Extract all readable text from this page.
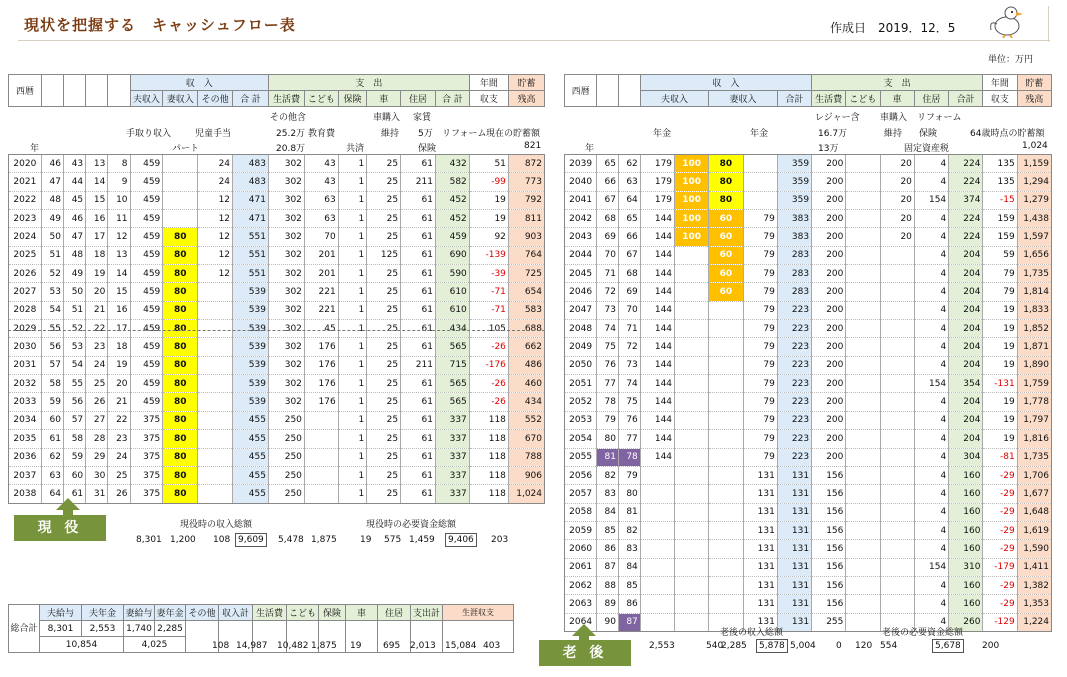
現状を把握する　キャッシュフロー表	作成日　2019．12．5
単位：万円
西暦					収　入				支　出						年間	貯蓄
					夫収入	妻収入	その他	合 計	生活費	こども	保険	車	住居	合 計	収支	残高
その他含	車購入 家賃
手取り収入	児童手当	25.2万 教育費	維持 5万 リフォーム 現在の貯蓄額
年	パート	20.8万	共済	保険	821
2020	46	43	13	8	459		24	483	302	43	1	25	61	432	51	872
2021	47	44	14	9	459		24	483	302	43	1	25	211	582	-99	773
2022	48	45	15	10	459		12	471	302	63	1	25	61	452	19	792
2023	49	46	16	11	459		12	471	302	63	1	25	61	452	19	811
2024	50	47	17	12	459	80	12	551	302	70	1	25	61	459	92	903
2025	51	48	18	13	459	80	12	551	302	201	1	125	61	690	-139	764
2026	52	49	19	14	459	80	12	551	302	201	1	25	61	590	-39	725
2027	53	50	20	15	459	80		539	302	221	1	25	61	610	-71	654
2028	54	51	21	16	459	80		539	302	221	1	25	61	610	-71	583
2029	55	52	22	17	459	80		539	302	45	1	25	61	434	105	688
2030	56	53	23	18	459	80		539	302	176	1	25	61	565	-26	662
2031	57	54	24	19	459	80		539	302	176	1	25	211	715	-176	486
2032	58	55	25	20	459	80		539	302	176	1	25	61	565	-26	460
2033	59	56	26	21	459	80		539	302	176	1	25	61	565	-26	434
2034	60	57	27	22	375	80		455	250		1	25	61	337	118	552
2035	61	58	28	23	375	80		455	250		1	25	61	337	118	670
2036	62	59	29	24	375	80		455	250		1	25	61	337	118	788
2037	63	60	30	25	375	80		455	250		1	25	61	337	118	906
2038	64	61	31	26	375	80		455	250		1	25	61	337	118	1,024
西暦			収　入			支　出					年間	貯蓄
			夫収入	妻収入	合計	生活費	こども	車	住居	合計	収支	残高
レジャー含 車購入 リフォーム
年金	年金	16.7万	維持 保険	64歳時点の貯蓄額
年	13万	固定資産税	1,024
2039	65	62	179	100	80		359	200		20	4	224	135	1,159
2040	66	63	179	100	80		359	200		20	4	224	135	1,294
2041	67	64	179	100	80		359	200		20	154	374	-15	1,279
2042	68	65	144	100	60	79	383	200		20	4	224	159	1,438
2043	69	66	144	100	60	79	383	200		20	4	224	159	1,597
2044	70	67	144		60	79	283	200			4	204	59	1,656
2045	71	68	144		60	79	283	200			4	204	79	1,735
2046	72	69	144		60	79	283	200			4	204	79	1,814
2047	73	70	144			79	223	200			4	204	19	1,833
2048	74	71	144			79	223	200			4	204	19	1,852
2049	75	72	144			79	223	200			4	204	19	1,871
2050	76	73	144			79	223	200			4	204	19	1,890
2051	77	74	144			79	223	200			154	354	-131	1,759
2052	78	75	144			79	223	200			4	204	19	1,778
2053	79	76	144			79	223	200			4	204	19	1,797
2054	80	77	144			79	223	200			4	204	19	1,816
2055	81	78	144			79	223	200			4	304	-81	1,735
2056	82	79				131	131	156			4	160	-29	1,706
2057	83	80				131	131	156			4	160	-29	1,677
2058	84	81				131	131	156			4	160	-29	1,648
2059	85	82				131	131	156			4	160	-29	1,619
2060	86	83				131	131	156			4	160	-29	1,590
2061	87	84				131	131	156			154	310	-179	1,411
2062	88	85				131	131	156			4	160	-29	1,382
2063	89	86				131	131	156			4	160	-29	1,353
2064	90	87				131	131	255			4	260	-129	1,224
現 役	現役時の収入総額	現役時の必要資金総額
8,301 1,200 108 9,609	5,478 1,875	19 575 1,459	9,406	203
老 後
老後の収入総額	老後の必要資金総額
2,553	540
2,285	5,878 5,004 0 120 554	5,678	200
総合計	夫給与	夫年金	妻給与	妻年金	その他	収入計	生活費	こども	保険	車	住居	支出計	生涯収支
	8,301	2,553	1,740	2,285									
	10,854		4,025											108 14,987 10,482 1,875 19 695 2,013 15,084 403
